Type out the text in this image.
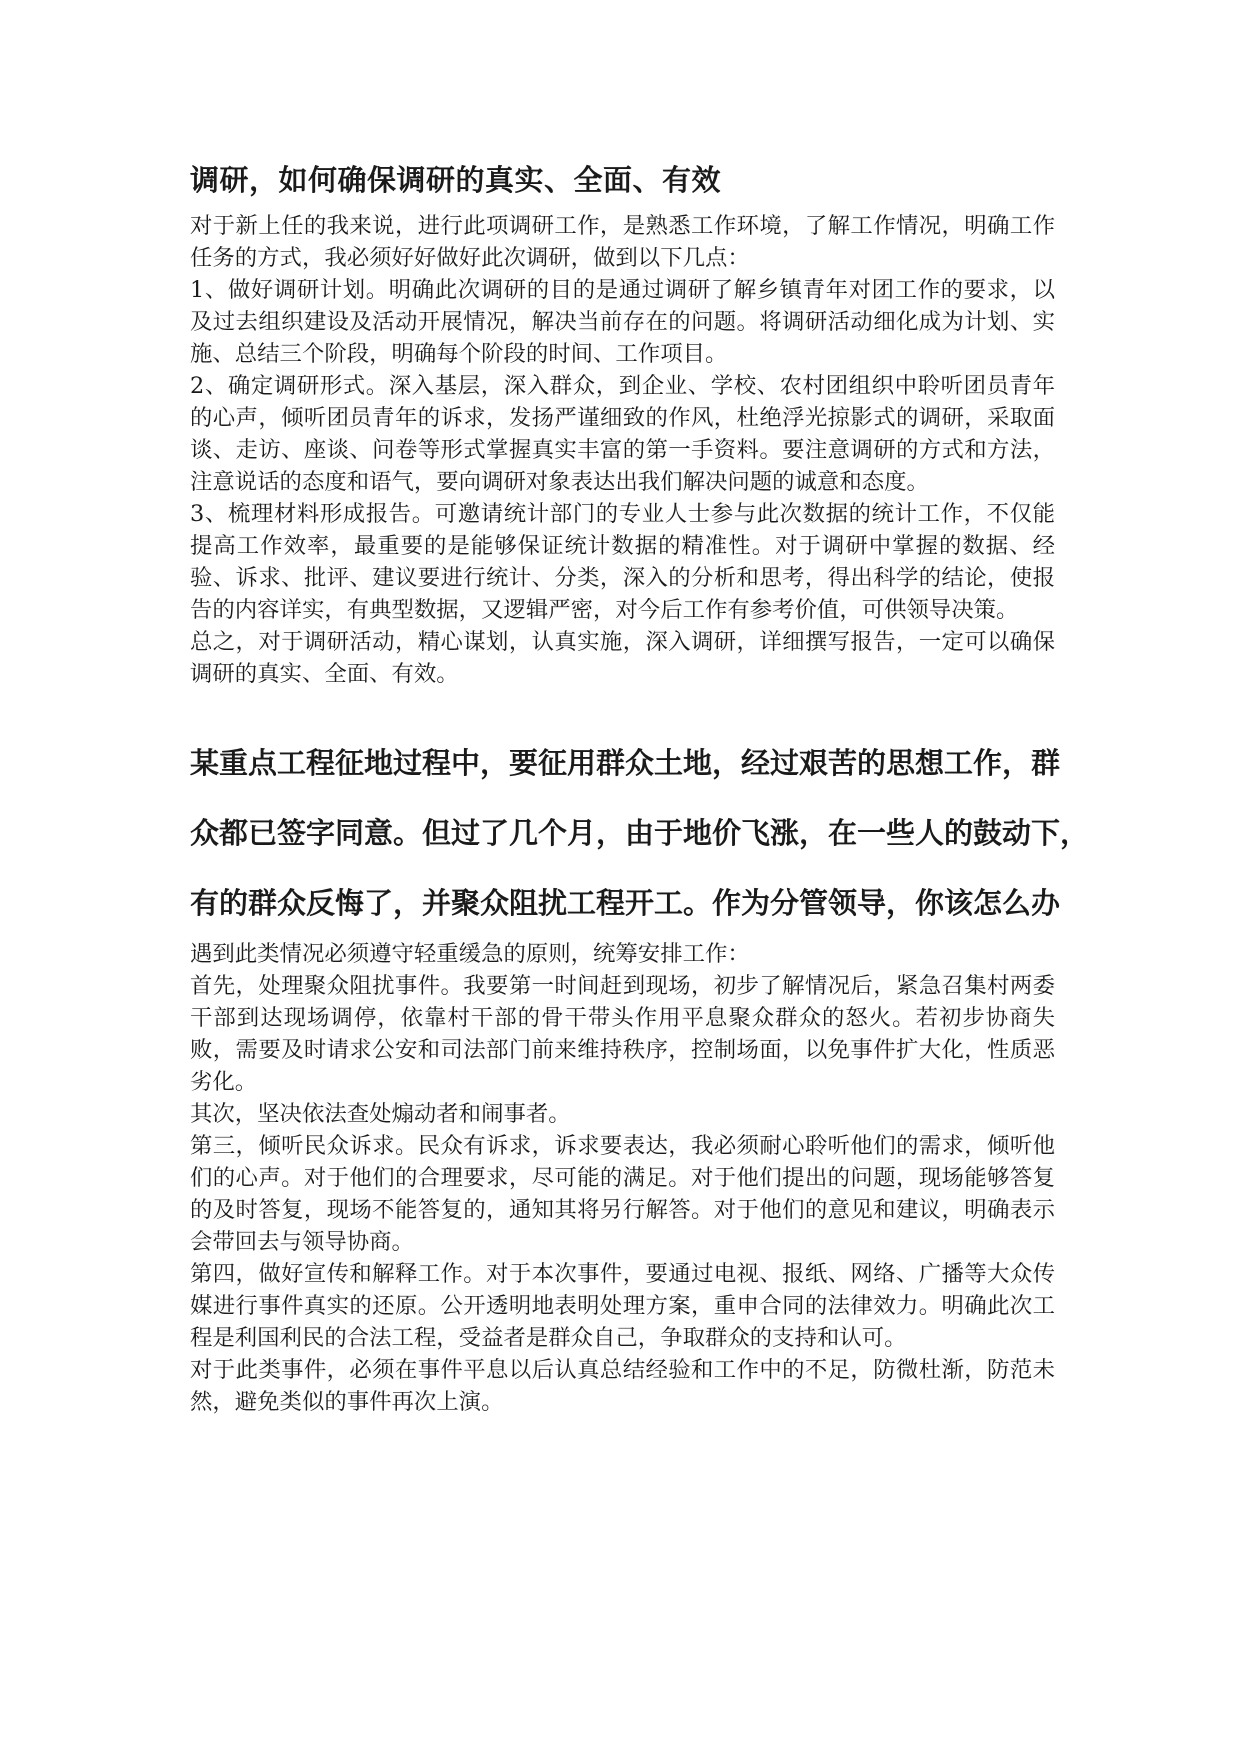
调研，如何确保调研的真实、全面、有效

对于新上任的我来说，进行此项调研工作，是熟悉工作环境，了解工作情况，明确工作任务的方式，我必须好好做好此次调研，做到以下几点：

1、做好调研计划。明确此次调研的目的是通过调研了解乡镇青年对团工作的要求，以及过去组织建设及活动开展情况，解决当前存在的问题。将调研活动细化成为计划、实施、总结三个阶段，明确每个阶段的时间、工作项目。

2、确定调研形式。深入基层，深入群众，到企业、学校、农村团组织中聆听团员青年的心声，倾听团员青年的诉求，发扬严谨细致的作风，杜绝浮光掠影式的调研，采取面谈、走访、座谈、问卷等形式掌握真实丰富的第一手资料。要注意调研的方式和方法，注意说话的态度和语气，要向调研对象表达出我们解决问题的诚意和态度。

3、梳理材料形成报告。可邀请统计部门的专业人士参与此次数据的统计工作，不仅能提高工作效率，最重要的是能够保证统计数据的精准性。对于调研中掌握的数据、经验、诉求、批评、建议要进行统计、分类，深入的分析和思考，得出科学的结论，使报告的内容详实，有典型数据，又逻辑严密，对今后工作有参考价值，可供领导决策。

总之，对于调研活动，精心谋划，认真实施，深入调研，详细撰写报告，一定可以确保调研的真实、全面、有效。

某重点工程征地过程中，要征用群众土地，经过艰苦的思想工作，群
众都已签字同意。但过了几个月，由于地价飞涨，在一些人的鼓动下，
有的群众反悔了，并聚众阻扰工程开工。作为分管领导，你该怎么办

遇到此类情况必须遵守轻重缓急的原则，统筹安排工作：

首先，处理聚众阻扰事件。我要第一时间赶到现场，初步了解情况后，紧急召集村两委干部到达现场调停，依靠村干部的骨干带头作用平息聚众群众的怒火。若初步协商失败，需要及时请求公安和司法部门前来维持秩序，控制场面，以免事件扩大化，性质恶劣化。

其次，坚决依法查处煽动者和闹事者。

第三，倾听民众诉求。民众有诉求，诉求要表达，我必须耐心聆听他们的需求，倾听他们的心声。对于他们的合理要求，尽可能的满足。对于他们提出的问题，现场能够答复的及时答复，现场不能答复的，通知其将另行解答。对于他们的意见和建议，明确表示会带回去与领导协商。

第四，做好宣传和解释工作。对于本次事件，要通过电视、报纸、网络、广播等大众传媒进行事件真实的还原。公开透明地表明处理方案，重申合同的法律效力。明确此次工程是利国利民的合法工程，受益者是群众自己，争取群众的支持和认可。

对于此类事件，必须在事件平息以后认真总结经验和工作中的不足，防微杜渐，防范未然，避免类似的事件再次上演。
